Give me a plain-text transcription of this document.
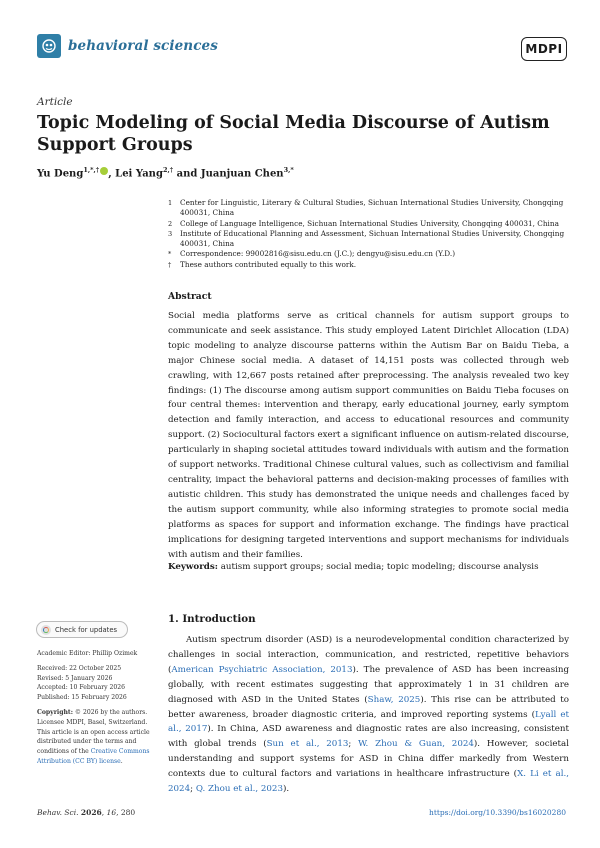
behavioral sciences	MDPI
Article
Topic Modeling of Social Media Discourse of Autism Support Groups
Yu Deng$^{1,*,\dagger}$ , Lei Yang$^{2,\dagger}$ and Juanjuan Chen$^{3,*}$
1	Center for Linguistic, Literary & Cultural Studies, Sichuan International Studies University, Chongqing 400031, China
2	College of Language Intelligence, Sichuan International Studies University, Chongqing 400031, China
3	Institute of Educational Planning and Assessment, Sichuan International Studies University, Chongqing 400031, China
*	Correspondence: 99002816@sisu.edu.cn (J.C.); dengyu@sisu.edu.cn (Y.D.)
†	These authors contributed equally to this work.
Abstract
Social media platforms serve as critical channels for autism support groups to communicate and seek assistance. This study employed Latent Dirichlet Allocation (LDA) topic modeling to analyze discourse patterns within the Autism Bar on Baidu Tieba, a major Chinese social media. A dataset of 14,151 posts was collected through web crawling, with 12,667 posts retained after preprocessing. The analysis revealed two key findings: (1) The discourse among autism support communities on Baidu Tieba focuses on four central themes: intervention and therapy, early educational journey, early symptom detection and family interaction, and access to educational resources and community support. (2) Sociocultural factors exert a significant influence on autism-related discourse, particularly in shaping societal attitudes toward individuals with autism and the formation of support networks. Traditional Chinese cultural values, such as collectivism and familial centrality, impact the behavioral patterns and decision-making processes of families with autistic children. This study has demonstrated the unique needs and challenges faced by the autism support community, while also informing strategies to promote social media platforms as spaces for support and information exchange. The findings have practical implications for designing targeted interventions and support mechanisms for individuals with autism and their families.
Keywords: autism support groups; social media; topic modeling; discourse analysis
1. Introduction

Autism spectrum disorder (ASD) is a neurodevelopmental condition characterized by challenges in social interaction, communication, and restricted, repetitive behaviors (American Psychiatric Association, 2013). The prevalence of ASD has been increasing globally, with recent estimates suggesting that approximately 1 in 31 children are diagnosed with ASD in the United States (Shaw, 2025). This rise can be attributed to better awareness, broader diagnostic criteria, and improved reporting systems (Lyall et al., 2017). In China, ASD awareness and diagnostic rates are also increasing, consistent with global trends (Sun et al., 2013; W. Zhou & Guan, 2024). However, societal understanding and support systems for ASD in China differ markedly from Western contexts due to cultural factors and variations in healthcare infrastructure (X. Li et al., 2024; Q. Zhou et al., 2023).

Check for updates
Academic Editor: Phillip Ozimek
Received: 22 October 2025
Revised: 5 January 2026
Accepted: 10 February 2026
Published: 15 February 2026
Copyright: © 2026 by the authors. Licensee MDPI, Basel, Switzerland. This article is an open access article distributed under the terms and conditions of the Creative Commons Attribution (CC BY) license.
Behav. Sci. 2026, 16, 280	https://doi.org/10.3390/bs16020280
